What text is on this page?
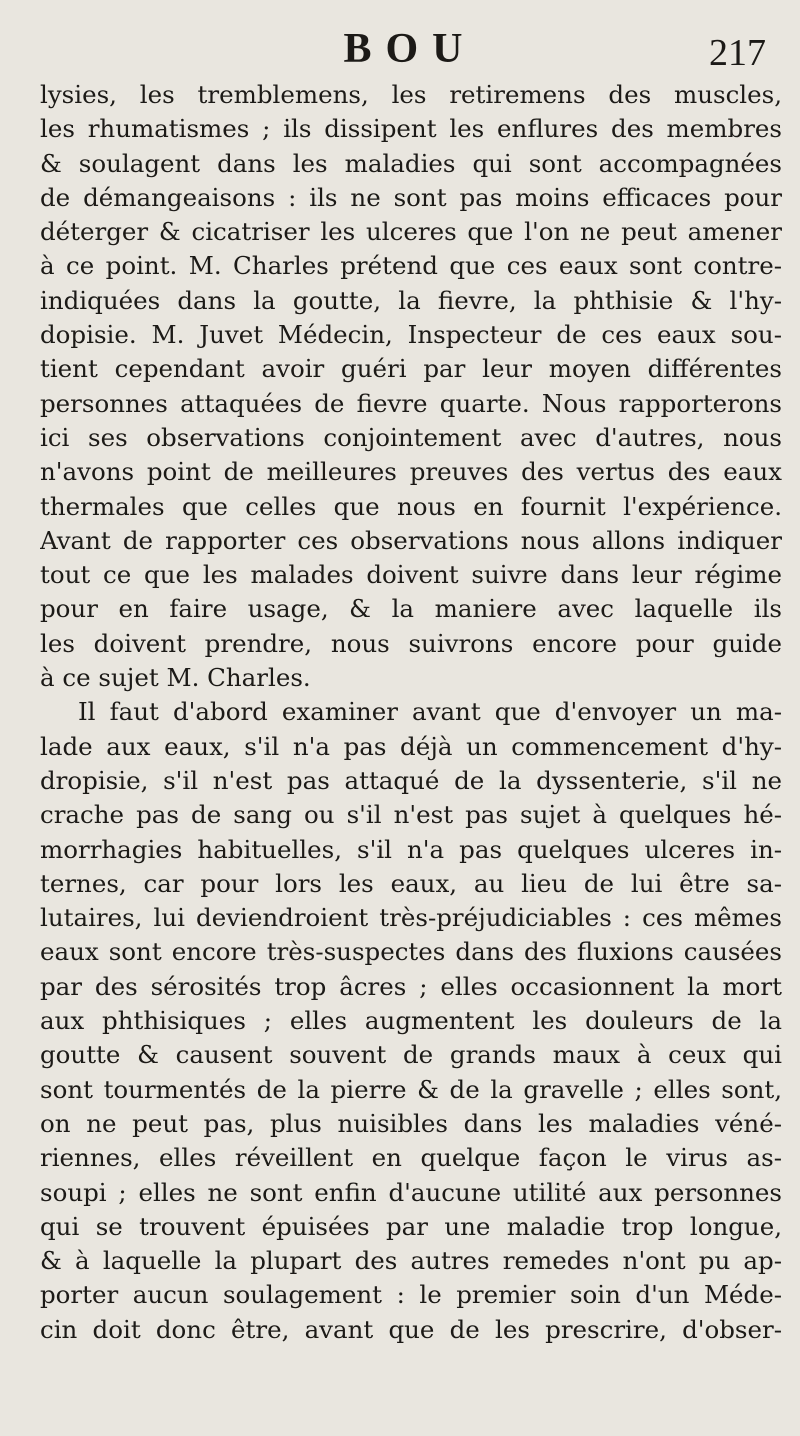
BOU	217
lysies, les tremblemens, les retiremens des muscles,
les rhumatismes ; ils dissipent les enflures des membres
& soulagent dans les maladies qui sont accompagnées
de démangeaisons : ils ne sont pas moins efficaces pour
déterger & cicatriser les ulceres que l'on ne peut amener
à ce point. M. Charles prétend que ces eaux sont contre-
indiquées dans la goutte, la fievre, la phthisie & l'hy-
dopisie. M. Juvet Médecin, Inspecteur de ces eaux sou-
tient cependant avoir guéri par leur moyen différentes
personnes attaquées de fievre quarte. Nous rapporterons
ici ses observations conjointement avec d'autres, nous
n'avons point de meilleures preuves des vertus des eaux
thermales que celles que nous en fournit l'expérience.
Avant de rapporter ces observations nous allons indiquer
tout ce que les malades doivent suivre dans leur régime
pour en faire usage, & la maniere avec laquelle ils
les doivent prendre, nous suivrons encore pour guide
à ce sujet M. Charles.
Il faut d'abord examiner avant que d'envoyer un ma-
lade aux eaux, s'il n'a pas déjà un commencement d'hy-
dropisie, s'il n'est pas attaqué de la dyssenterie, s'il ne
crache pas de sang ou s'il n'est pas sujet à quelques hé-
morrhagies habituelles, s'il n'a pas quelques ulceres in-
ternes, car pour lors les eaux, au lieu de lui être sa-
lutaires, lui deviendroient très-préjudiciables : ces mêmes
eaux sont encore très-suspectes dans des fluxions causées
par des sérosités trop âcres ; elles occasionnent la mort
aux phthisiques ; elles augmentent les douleurs de la
goutte & causent souvent de grands maux à ceux qui
sont tourmentés de la pierre & de la gravelle ; elles sont,
on ne peut pas, plus nuisibles dans les maladies véné-
riennes, elles réveillent en quelque façon le virus as-
soupi ; elles ne sont enfin d'aucune utilité aux personnes
qui se trouvent épuisées par une maladie trop longue,
& à laquelle la plupart des autres remedes n'ont pu ap-
porter aucun soulagement : le premier soin d'un Méde-
cin doit donc être, avant que de les prescrire, d'obser-
